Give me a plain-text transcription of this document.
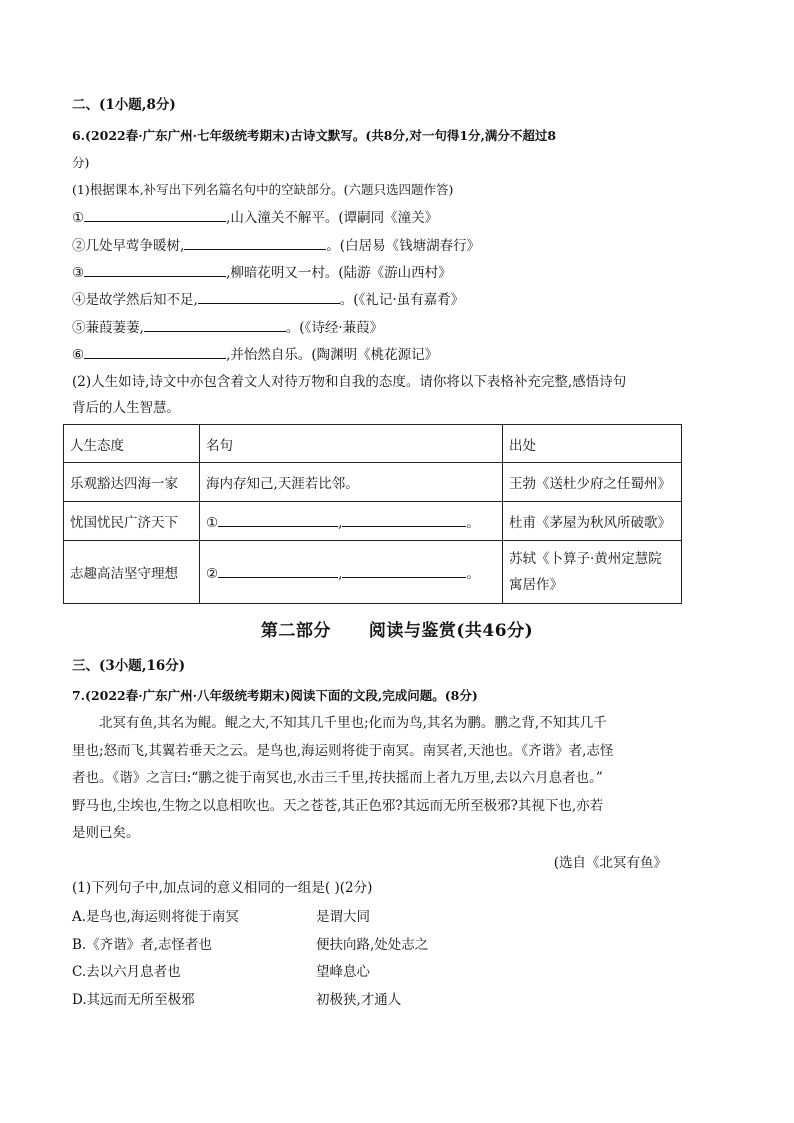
二、(1小题,8分)
6.(2022春·广东广州·七年级统考期末)古诗文默写。(共8分,对一句得1分,满分不超过8
分)
(1)根据课本,补写出下列名篇名句中的空缺部分。(六题只选四题作答)
①	,山入潼关不解平。(谭嗣同《潼关》
②几处早莺争暖树,	。(白居易《钱塘湖春行》
③	,柳暗花明又一村。(陆游《游山西村》
④是故学然后知不足,	。(《礼记·虽有嘉肴》
⑤蒹葭萋萋,	。(《诗经·蒹葭》
⑥	,并怡然自乐。(陶渊明《桃花源记》
(2)人生如诗,诗文中亦包含着文人对待万物和自我的态度。请你将以下表格补充完整,感悟诗句
背后的人生智慧。
人生态度	名句	出处
乐观豁达四海一家	海内存知己,天涯若比邻。	王勃《送杜少府之任蜀州》
忧国忧民广济天下	① , 。	杜甫《茅屋为秋风所破歌》
志趣高洁坚守理想	② , 。	苏轼《卜算子·黄州定慧院
寓居作》
第二部分 阅读与鉴赏(共46分)
三、(3小题,16分)
7.(2022春·广东广州·八年级统考期末)阅读下面的文段,完成问题。(8分)

北冥有鱼,其名为鲲。鲲之大,不知其几千里也;化而为鸟,其名为鹏。鹏之背,不知其几千

里也;怒而飞,其翼若垂天之云。是鸟也,海运则将徙于南冥。南冥者,天池也。《齐谐》者,志怪

者也。《谐》之言曰:“鹏之徙于南冥也,水击三千里,抟扶摇而上者九万里,去以六月息者也。”

野马也,尘埃也,生物之以息相吹也。天之苍苍,其正色邪?其远而无所至极邪?其视下也,亦若

是则已矣。

(选自《北冥有鱼》
(1)下列句子中,加点词的意义相同的一组是( )(2分)
A.是鸟也,海运则将徙于南冥	是谓大同
B.《齐谐》者,志怪者也	便扶向路,处处志之
C.去以六月息者也	望峰息心
D.其远而无所至极邪	初极狭,才通人
